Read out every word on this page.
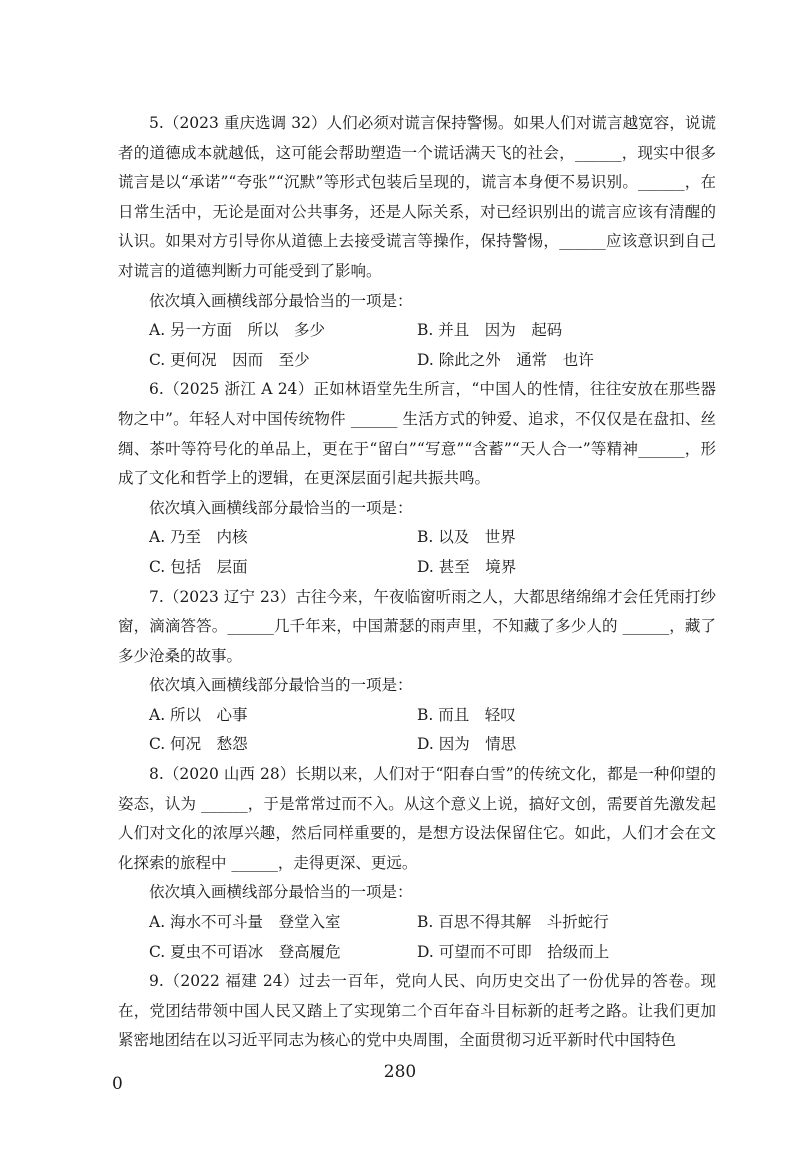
5.（2023 重庆选调 32）人们必须对谎言保持警惕。如果人们对谎言越宽容，说谎者的道德成本就越低，这可能会帮助塑造一个谎话满天飞的社会，______，现实中很多谎言是以“承诺”“夸张”“沉默”等形式包装后呈现的，谎言本身便不易识别。______，在日常生活中，无论是面对公共事务，还是人际关系，对已经识别出的谎言应该有清醒的认识。如果对方引导你从道德上去接受谎言等操作，保持警惕，______应该意识到自己对谎言的道德判断力可能受到了影响。

依次填入画横线部分最恰当的一项是：

A. 另一方面　所以　多少	B. 并且　因为　起码
C. 更何况　因而　至少	D. 除此之外　通常　也许

6.（2025 浙江 A 24）正如林语堂先生所言，“中国人的性情，往往安放在那些器物之中”。年轻人对中国传统物件 ______ 生活方式的钟爱、追求，不仅仅是在盘扣、丝绸、茶叶等符号化的单品上，更在于“留白”“写意”“含蓄”“天人合一”等精神______，形成了文化和哲学上的逻辑，在更深层面引起共振共鸣。

依次填入画横线部分最恰当的一项是：

A. 乃至　内核	B. 以及　世界
C. 包括　层面	D. 甚至　境界

7.（2023 辽宁 23）古往今来，午夜临窗听雨之人，大都思绪绵绵才会任凭雨打纱窗，滴滴答答。______几千年来，中国萧瑟的雨声里，不知藏了多少人的 ______，藏了多少沧桑的故事。

依次填入画横线部分最恰当的一项是：

A. 所以　心事	B. 而且　轻叹
C. 何况　愁怨	D. 因为　情思

8.（2020 山西 28）长期以来，人们对于“阳春白雪”的传统文化，都是一种仰望的姿态，认为 ______，于是常常过而不入。从这个意义上说，搞好文创，需要首先激发起人们对文化的浓厚兴趣，然后同样重要的，是想方设法保留住它。如此，人们才会在文化探索的旅程中 ______，走得更深、更远。

依次填入画横线部分最恰当的一项是：

A. 海水不可斗量　登堂入室	B. 百思不得其解　斗折蛇行
C. 夏虫不可语冰　登高履危	D. 可望而不可即　拾级而上

9.（2022 福建 24）过去一百年，党向人民、向历史交出了一份优异的答卷。现在，党团结带领中国人民又踏上了实现第二个百年奋斗目标新的赶考之路。让我们更加紧密地团结在以习近平同志为核心的党中央周围，全面贯彻习近平新时代中国特色

280
0
